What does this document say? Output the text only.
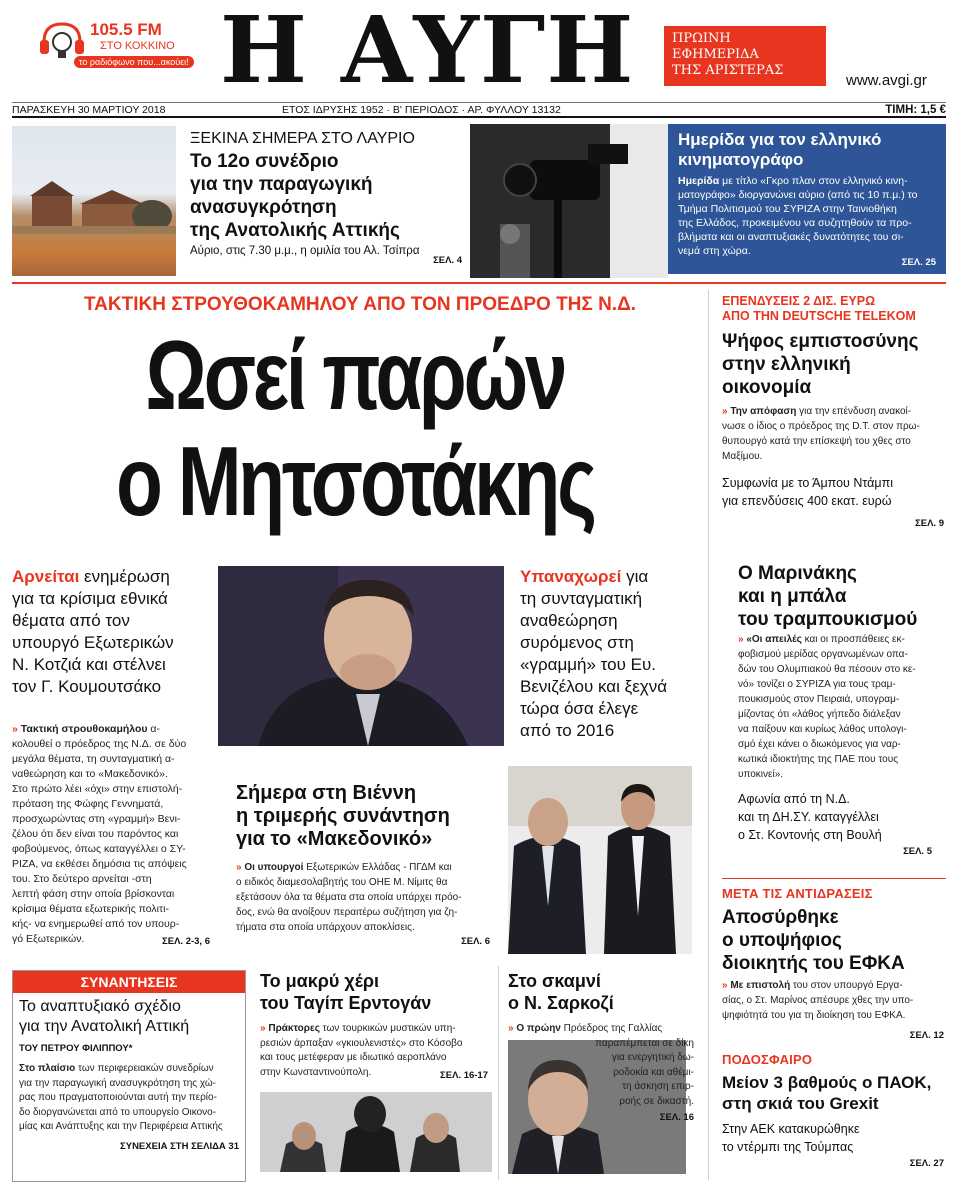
105.5 FM
ΣΤΟ ΚΟΚΚΙΝΟ
το ραδιόφωνο που...ακούει! Η ΑΥΓΗ	ΠΡΩΙΝΗ
ΕΦΗΜΕΡΙΔΑ
ΤΗΣ ΑΡΙΣΤΕΡΑΣ
www.avgi.gr
ΠΑΡΑΣΚΕΥΗ 30 ΜΑΡΤΙΟΥ 2018	ΕΤΟΣ ΙΔΡΥΣΗΣ 1952 · Β' ΠΕΡΙΟΔΟΣ · ΑΡ. ΦΥΛΛΟΥ 13132	ΤΙΜΗ: 1,5 €
ΞΕΚΙΝΑ ΣΗΜΕΡΑ ΣΤΟ ΛΑΥΡΙΟ
Το 12ο συνέδριο
για την παραγωγική
ανασυγκρότηση
της Ανατολικής Αττικής
Αύριο, στις 7.30 μ.μ., η ομιλία του Αλ. Τσίπρα
ΣΕΛ. 4
Ημερίδα για τον ελληνικό
κινηματογράφο
Ημερίδα με τίτλο «Γκρο πλαν στον ελληνικό κινη-
ματογράφο» διοργανώνει αύριο (από τις 10 π.μ.) το
Τμήμα Πολιτισμού του ΣΥΡΙΖΑ στην Ταινιοθήκη
της Ελλάδος, προκειμένου να συζητηθούν τα προ-
βλήματα και οι αναπτυξιακές δυνατότητες του σι-
νεμά στη χώρα.
ΣΕΛ. 25
ΤΑΚΤΙΚΗ ΣΤΡΟΥΘΟΚΑΜΗΛΟΥ ΑΠΟ ΤΟΝ ΠΡΟΕΔΡΟ ΤΗΣ Ν.Δ.
Ωσεί παρών
ο Μητσοτάκης
Αρνείται ενημέρωση
για τα κρίσιμα εθνικά
θέματα από τον
υπουργό Εξωτερικών
Ν. Κοτζιά και στέλνει
τον Γ. Κουμουτσάκο
Υπαναχωρεί για
τη συνταγματική
αναθεώρηση
συρόμενος στη
«γραμμή» του Ευ.
Βενιζέλου και ξεχνά
τώρα όσα έλεγε
από το 2016
» Τακτική στρουθοκαμήλου α-
κολουθεί ο πρόεδρος της Ν.Δ. σε δύο
μεγάλα θέματα, τη συνταγματική α-
ναθεώρηση και το «Μακεδονικό».
Στο πρώτο λέει «όχι» στην επιστολή-
πρόταση της Φώφης Γεννηματά,
προσχωρώντας στη «γραμμή» Βενι-
ζέλου ότι δεν είναι του παρόντος και
φοβούμενος, όπως καταγγέλλει ο ΣΥ-
ΡΙΖΑ, να εκθέσει δημόσια τις απόψεις
του. Στο δεύτερο αρνείται -στη
λεπτή φάση στην οποία βρίσκονται
κρίσιμα θέματα εξωτερικής πολιτι-
κής- να ενημερωθεί από τον υπουρ-
γό Εξωτερικών.	ΣΕΛ. 2-3, 6
Σήμερα στη Βιέννη
η τριμερής συνάντηση
για το «Μακεδονικό»
» Οι υπουργοί Εξωτερικών Ελλάδας - ΠΓΔΜ και
ο ειδικός διαμεσολαβητής του ΟΗΕ Μ. Νίμιτς θα
εξετάσουν όλα τα θέματα στα οποία υπάρχει πρόο-
δος, ενώ θα ανοίξουν περαιτέρω συζήτηση για ζη-
τήματα στα οποία υπάρχουν αποκλίσεις.
ΣΕΛ. 6
ΕΠΕΝΔΥΣΕΙΣ 2 ΔΙΣ. ΕΥΡΩ
ΑΠΟ ΤΗΝ DEUTSCHE TELEKOM
Ψήφος εμπιστοσύνης
στην ελληνική
οικονομία
» Την απόφαση για την επένδυση ανακοί-
νωσε ο ίδιος ο πρόεδρος της D.T. στον πρω-
θυπουργό κατά την επίσκεψή του χθες στο
Μαξίμου.
Συμφωνία με το Άμπου Ντάμπι
για επενδύσεις 400 εκατ. ευρώ
ΣΕΛ. 9
Ο Μαρινάκης
και η μπάλα
του τραμπουκισμού
» «Οι απειλές και οι προσπάθειες εκ-
φοβισμού μερίδας οργανωμένων οπα-
δών του Ολυμπιακού θα πέσουν στο κε-
νό» τονίζει ο ΣΥΡΙΖΑ για τους τραμ-
πουκισμούς στον Πειραιά, υπογραμ-
μίζοντας ότι «λάθος γήπεδο διάλεξαν
να παίξουν και κυρίως λάθος υπολογι-
σμό έχει κάνει ο διωκόμενος για ναρ-
κωτικά ιδιοκτήτης της ΠΑΕ που τους
υποκινεί».
Αφωνία από τη Ν.Δ.
και τη ΔΗ.ΣΥ. καταγγέλλει
ο Στ. Κοντονής στη Βουλή
ΣΕΛ. 5
ΜΕΤΑ ΤΙΣ ΑΝΤΙΔΡΑΣΕΙΣ
Αποσύρθηκε
ο υποψήφιος
διοικητής του ΕΦΚΑ
» Με επιστολή του στον υπουργό Εργα-
σίας, ο Στ. Μαρίνος απέσυρε χθες την υπο-
ψηφιότητά του για τη διοίκηση του ΕΦΚΑ.
ΣΕΛ. 12
ΠΟΔΟΣΦΑΙΡΟ
Μείον 3 βαθμούς ο ΠΑΟΚ,
στη σκιά του Grexit
Στην ΑΕΚ κατακυρώθηκε
το ντέρμπι της Τούμπας
ΣΕΛ. 27
ΣΥΝΑΝΤΗΣΕΙΣ
Το αναπτυξιακό σχέδιο
για την Ανατολική Αττική
ΤΟΥ ΠΕΤΡΟΥ ΦΙΛΙΠΠΟΥ*
Στο πλαίσιο των περιφερειακών συνεδρίων
για την παραγωγική ανασυγκρότηση της χώ-
ρας που πραγματοποιούνται αυτή την περίο-
δο διοργανώνεται από το υπουργείο Οικονο-
μίας και Ανάπτυξης και την Περιφέρεια Αττικής
ΣΥΝΕΧΕΙΑ ΣΤΗ ΣΕΛΙΔΑ 31
Το μακρύ χέρι
του Ταγίπ Ερντογάν
» Πράκτορες των τουρκικών μυστικών υπη-
ρεσιών άρπαξαν «γκιουλενιστές» στο Κόσοβο
και τους μετέφεραν με ιδιωτικό αεροπλάνο
στην Κωνσταντινούπολη.	ΣΕΛ. 16-17
Στο σκαμνί
ο Ν. Σαρκοζί
» Ο πρώην Πρόεδρος της Γαλλίας
παραπέμπεται σε δίκη
για ενεργητική δω-
ροδοκία και αθέμι-
τη άσκηση επιρ-
ροής σε δικαστή.
ΣΕΛ. 16
